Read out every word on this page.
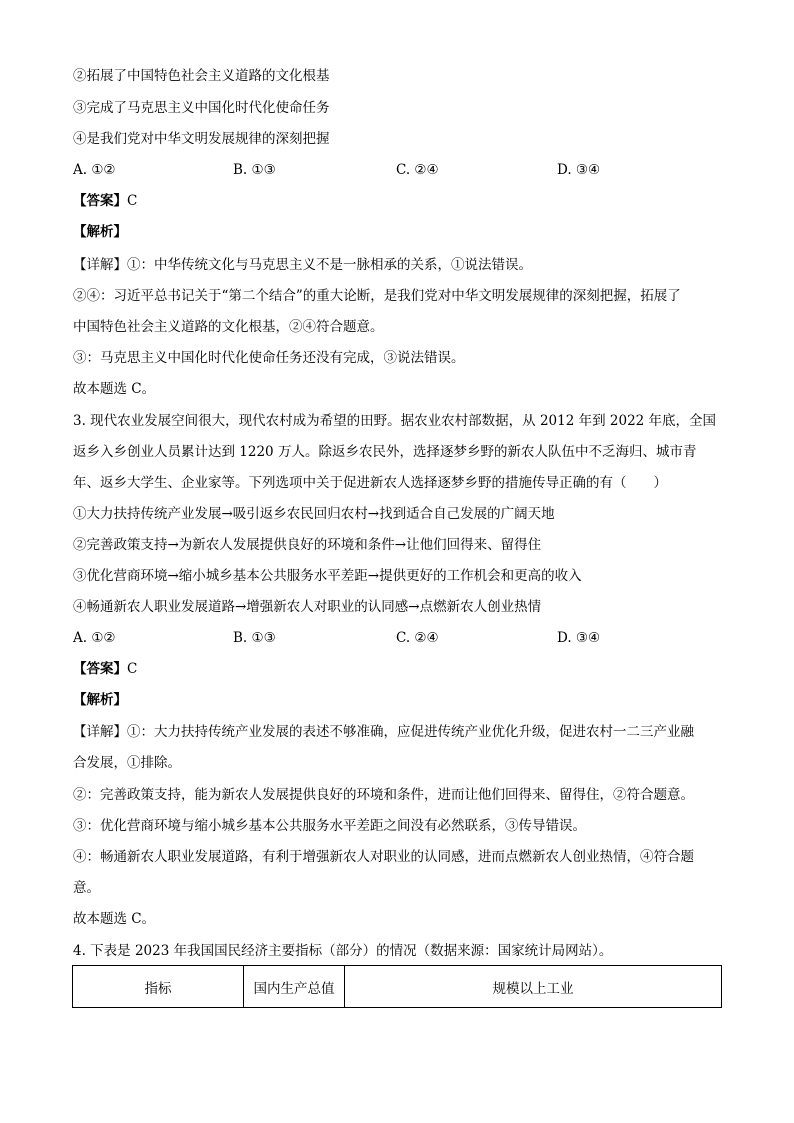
②拓展了中国特色社会主义道路的文化根基
③完成了马克思主义中国化时代化使命任务
④是我们党对中华文明发展规律的深刻把握
A. ①②	B. ①③	C. ②④	D. ③④
【答案】C
【解析】
【详解】①：中华传统文化与马克思主义不是一脉相承的关系，①说法错误。
②④：习近平总书记关于“第二个结合”的重大论断，是我们党对中华文明发展规律的深刻把握，拓展了
中国特色社会主义道路的文化根基，②④符合题意。
③：马克思主义中国化时代化使命任务还没有完成，③说法错误。
故本题选 C。
3. 现代农业发展空间很大，现代农村成为希望的田野。据农业农村部数据，从 2012 年到 2022 年底，全国
返乡入乡创业人员累计达到 1220 万人。除返乡农民外，选择逐梦乡野的新农人队伍中不乏海归、城市青
年、返乡大学生、企业家等。下列选项中关于促进新农人选择逐梦乡野的措施传导正确的有（　　）
①大力扶持传统产业发展→吸引返乡农民回归农村→找到适合自己发展的广阔天地
②完善政策支持→为新农人发展提供良好的环境和条件→让他们回得来、留得住
③优化营商环境→缩小城乡基本公共服务水平差距→提供更好的工作机会和更高的收入
④畅通新农人职业发展道路→增强新农人对职业的认同感→点燃新农人创业热情
A. ①②	B. ①③	C. ②④	D. ③④
【答案】C
【解析】
【详解】①：大力扶持传统产业发展的表述不够准确，应促进传统产业优化升级，促进农村一二三产业融
合发展，①排除。
②：完善政策支持，能为新农人发展提供良好的环境和条件，进而让他们回得来、留得住，②符合题意。
③：优化营商环境与缩小城乡基本公共服务水平差距之间没有必然联系，③传导错误。
④：畅通新农人职业发展道路，有利于增强新农人对职业的认同感，进而点燃新农人创业热情，④符合题
意。
故本题选 C。
4. 下表是 2023 年我国国民经济主要指标（部分）的情况（数据来源：国家统计局网站）。
指标	国内生产总值	规模以上工业
